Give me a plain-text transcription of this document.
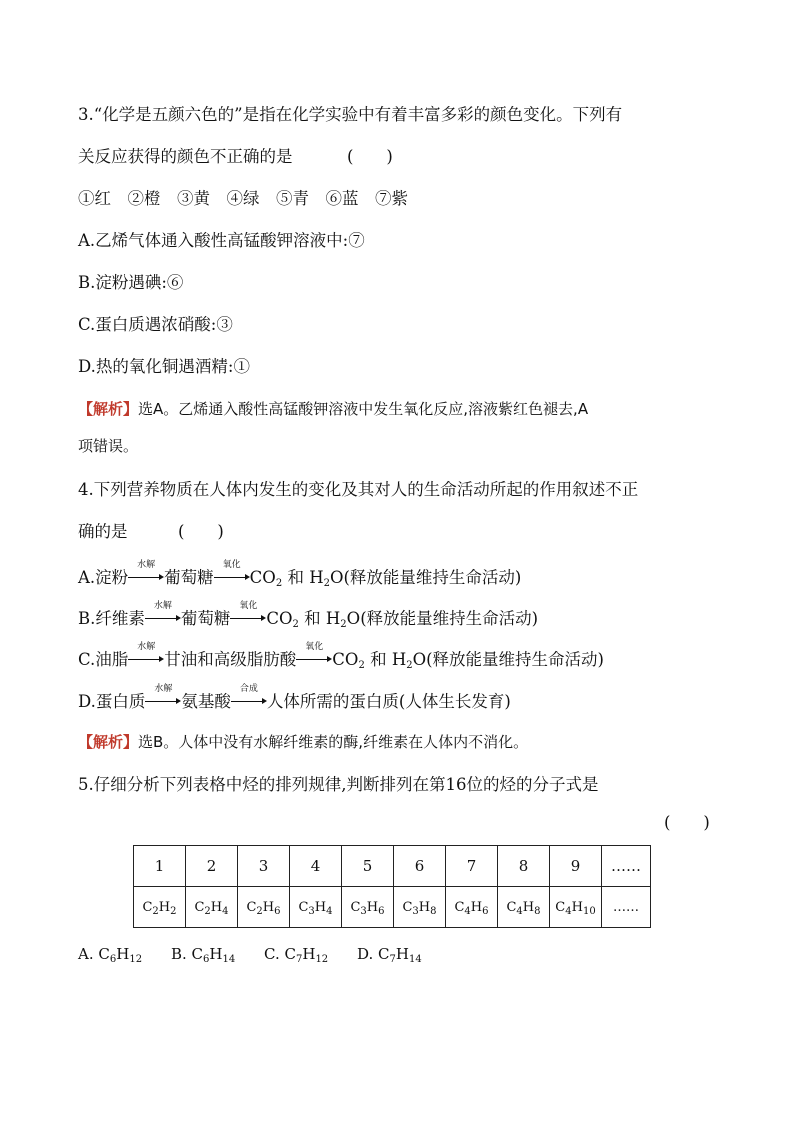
3.“化学是五颜六色的”是指在化学实验中有着丰富多彩的颜色变化。下列有
关反应获得的颜色不正确的是	(　　)
①红　②橙　③黄　④绿　⑤青　⑥蓝　⑦紫
A.乙烯气体通入酸性高锰酸钾溶液中:⑦
B.淀粉遇碘:⑥
C.蛋白质遇浓硝酸:③
D.热的氧化铜遇酒精:①
【解析】选A。乙烯通入酸性高锰酸钾溶液中发生氧化反应,溶液紫红色褪去,A
项错误。
4.下列营养物质在人体内发生的变化及其对人的生命活动所起的作用叙述不正
确的是	(　　)
A.淀粉
水解
葡萄糖
氧化
$CO_2$ 和 $H_2O$(释放能量维持生命活动)
B.纤维素
水解
葡萄糖
氧化
$CO_2$ 和 $H_2O$(释放能量维持生命活动)
C.油脂
水解
甘油和高级脂肪酸
氧化
$CO_2$ 和 $H_2O$(释放能量维持生命活动)
D.蛋白质
水解
氨基酸
合成
人体所需的蛋白质(人体生长发育)
【解析】选B。人体中没有水解纤维素的酶,纤维素在人体内不消化。
5.仔细分析下列表格中烃的排列规律,判断排列在第16位的烃的分子式是
(　　)
1	2	3	4	5	6	7	8	9	……
$C_2H_2$	$C_2H_4$	$C_2H_6$	$C_3H_4$	$C_3H_6$	$C_3H_8$	$C_4H_6$	$C_4H_8$	$C_4H_{10}$	……
A. $C_6H_{12}$ B. $C_6H_{14}$ C. $C_7H_{12}$ D. $C_7H_{14}$
